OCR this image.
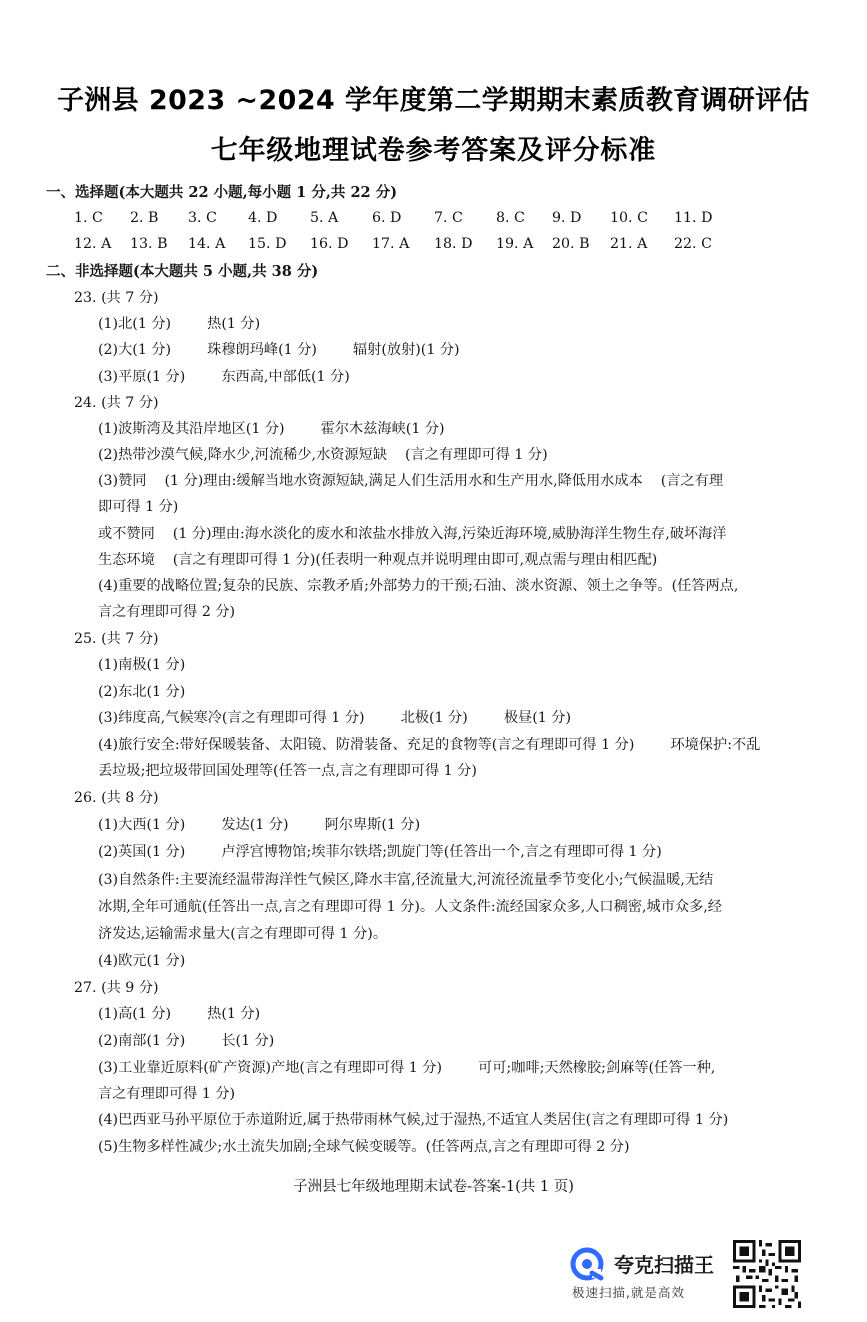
子洲县 2023 ~2024 学年度第二学期期末素质教育调研评估
七年级地理试卷参考答案及评分标准
一、选择题(本大题共 22 小题,每小题 1 分,共 22 分)
1. C 2. B 3. C 4. D 5. A 6. D 7. C 8. C 9. D 10. C 11. D
12. A 13. B 14. A 15. D 16. D 17. A 18. D 19. A 20. B 21. A 22. C
二、非选择题(本大题共 5 小题,共 38 分)
23. (共 7 分)
(1)北(1 分)        热(1 分)
(2)大(1 分)        珠穆朗玛峰(1 分)        辐射(放射)(1 分)
(3)平原(1 分)        东西高,中部低(1 分)
24. (共 7 分)
(1)波斯湾及其沿岸地区(1 分)        霍尔木兹海峡(1 分)
(2)热带沙漠气候,降水少,河流稀少,水资源短缺    (言之有理即可得 1 分)
(3)赞同    (1 分)理由:缓解当地水资源短缺,满足人们生活用水和生产用水,降低用水成本    (言之有理
即可得 1 分)
或不赞同    (1 分)理由:海水淡化的废水和浓盐水排放入海,污染近海环境,威胁海洋生物生存,破坏海洋
生态环境    (言之有理即可得 1 分)(任表明一种观点并说明理由即可,观点需与理由相匹配)
(4)重要的战略位置;复杂的民族、宗教矛盾;外部势力的干预;石油、淡水资源、领土之争等。(任答两点,
言之有理即可得 2 分)
25. (共 7 分)
(1)南极(1 分)
(2)东北(1 分)
(3)纬度高,气候寒冷(言之有理即可得 1 分)        北极(1 分)        极昼(1 分)
(4)旅行安全:带好保暖装备、太阳镜、防滑装备、充足的食物等(言之有理即可得 1 分)        环境保护:不乱
丢垃圾;把垃圾带回国处理等(任答一点,言之有理即可得 1 分)
26. (共 8 分)
(1)大西(1 分)        发达(1 分)        阿尔卑斯(1 分)
(2)英国(1 分)        卢浮宫博物馆;埃菲尔铁塔;凯旋门等(任答出一个,言之有理即可得 1 分)
(3)自然条件:主要流经温带海洋性气候区,降水丰富,径流量大,河流径流量季节变化小;气候温暖,无结
冰期,全年可通航(任答出一点,言之有理即可得 1 分)。人文条件:流经国家众多,人口稠密,城市众多,经
济发达,运输需求量大(言之有理即可得 1 分)。
(4)欧元(1 分)
27. (共 9 分)
(1)高(1 分)        热(1 分)
(2)南部(1 分)        长(1 分)
(3)工业靠近原料(矿产资源)产地(言之有理即可得 1 分)        可可;咖啡;天然橡胶;剑麻等(任答一种,
言之有理即可得 1 分)
(4)巴西亚马孙平原位于赤道附近,属于热带雨林气候,过于湿热,不适宜人类居住(言之有理即可得 1 分)
(5)生物多样性减少;水土流失加剧;全球气候变暖等。(任答两点,言之有理即可得 2 分)
子洲县七年级地理期末试卷-答案-1(共 1 页)
夸克扫描王
极速扫描,就是高效
